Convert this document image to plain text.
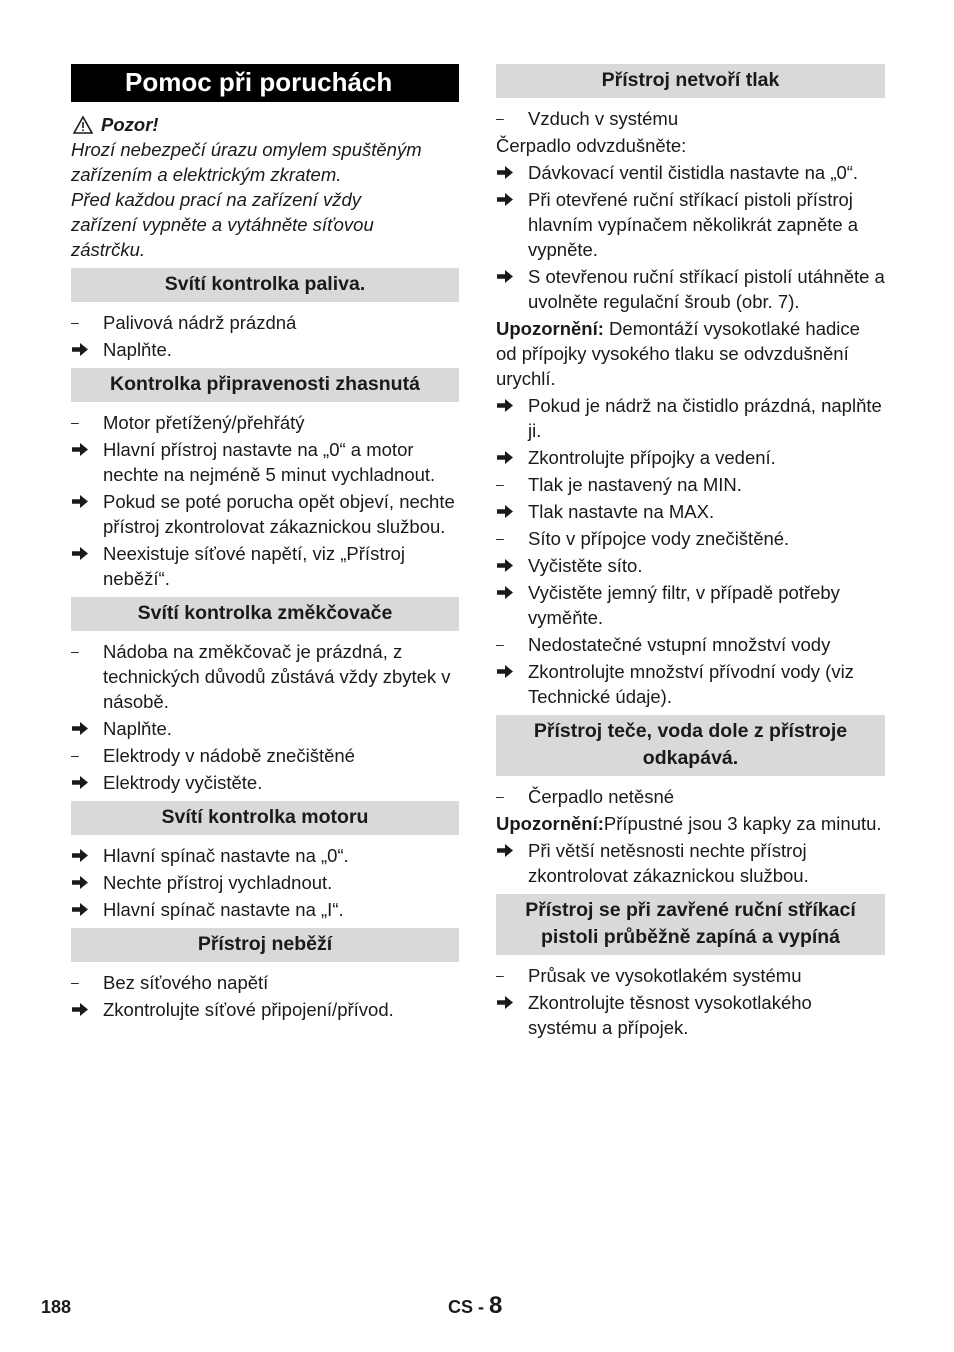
Pomoc při poruchách
Pozor!
Hrozí nebezpečí úrazu omylem spuštěným
zařízením a elektrickým zkratem.
Před každou prací na zařízení vždy
zařízení vypněte a vytáhněte síťovou
zástrčku.
Svítí kontrolka paliva.
–	Palivová nádrž prázdná
Naplňte.
Kontrolka připravenosti zhasnutá
–	Motor přetížený/přehřátý
Hlavní přístroj nastavte na „0“ a motor nechte na nejméně 5 minut vychladnout.
Pokud se poté porucha opět objeví, nechte přístroj zkontrolovat zákaznickou službou.
Neexistuje síťové napětí, viz „Přístroj neběží“.
Svítí kontrolka změkčovače
–	Nádoba na změkčovač je prázdná, z technických důvodů zůstává vždy zbytek v násobě.
Naplňte.
–	Elektrody v nádobě znečištěné
Elektrody vyčistěte.
Svítí kontrolka motoru
Hlavní spínač nastavte na „0“.
Nechte přístroj vychladnout.
Hlavní spínač nastavte na „I“.
Přístroj neběží
–	Bez síťového napětí
Zkontrolujte síťové připojení/přívod.
Přístroj netvoří tlak
–	Vzduch v systému
Čerpadlo odvzdušněte:
Dávkovací ventil čistidla nastavte na „0“.
Při otevřené ruční stříkací pistoli přístroj hlavním vypínačem několikrát zapněte a vypněte.
S otevřenou ruční stříkací pistolí utáhněte a uvolněte regulační šroub (obr. 7).
Upozornění: Demontáží vysokotlaké hadice od přípojky vysokého tlaku se odvzdušnění urychlí.
Pokud je nádrž na čistidlo prázdná, naplňte ji.
Zkontrolujte přípojky a vedení.
–	Tlak je nastavený na MIN.
Tlak nastavte na MAX.
–	Síto v přípojce vody znečištěné.
Vyčistěte síto.
Vyčistěte jemný filtr, v případě potřeby vyměňte.
–	Nedostatečné vstupní množství vody
Zkontrolujte množství přívodní vody (viz Technické údaje).
Přístroj teče, voda dole z přístroje odkapává.
–	Čerpadlo netěsné
Upozornění:Přípustné jsou 3 kapky za minutu.
Při větší netěsnosti nechte přístroj zkontrolovat zákaznickou službou.
Přístroj se při zavřené ruční stříkací pistoli průběžně zapíná a vypíná
–	Průsak ve vysokotlakém systému
Zkontrolujte těsnost vysokotlakého systému a přípojek.
188	CS - 8
